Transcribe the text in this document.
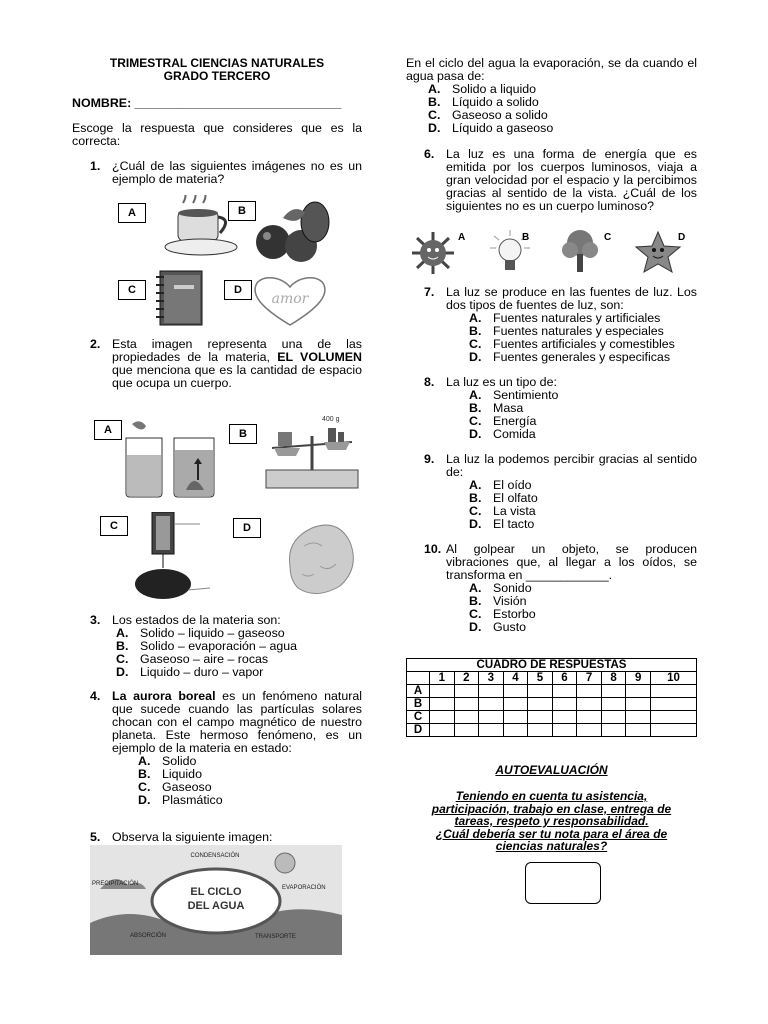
TRIMESTRAL CIENCIAS NATURALES
GRADO TERCERO
NOMBRE: ______________________________
Escoge la respuesta que consideres que es la correcta:
1. ¿Cuál de las siguientes imágenes no es un ejemplo de materia?
A	B
C	D
amor
2. Esta imagen representa una de las propiedades de la materia, EL VOLUMEN que menciona que es la cantidad de espacio que ocupa un cuerpo.
A	B
400 g
C	D
3. Los estados de la materia son:
A. Solido – liquido – gaseoso
B. Solido – evaporación – agua
C. Gaseoso – aire – rocas
D. Liquido – duro – vapor
4. La aurora boreal es un fenómeno natural que sucede cuando las partículas solares chocan con el campo magnético de nuestro planeta. Este hermoso fenómeno, es un ejemplo de la materia en estado:
A. Solido
B. Liquido
C. Gaseoso
D. Plasmático
5. Observa la siguiente imagen:
EL CICLO
DEL AGUA
CONDENSACIÓN
PRECIPITACIÓN
EVAPORACIÓN
ABSORCIÓN	TRANSPORTE
En el ciclo del agua la evaporación, se da cuando el agua pasa de:
A. Solido a liquido
B. Líquido a solido
C. Gaseoso a solido
D. Líquido a gaseoso
6. La luz es una forma de energía que es emitida por los cuerpos luminosos, viaja a gran velocidad por el espacio y la percibimos gracias al sentido de la vista. ¿Cuál de los siguientes no es un cuerpo luminoso?
A	B	C	D
7. La luz se produce en las fuentes de luz. Los dos tipos de fuentes de luz, son:
A. Fuentes naturales y artificiales
B. Fuentes naturales y especiales
C. Fuentes artificiales y comestibles
D. Fuentes generales y especificas
8. La luz es un tipo de:
A. Sentimiento
B. Masa
C. Energía
D. Comida
9. La luz la podemos percibir gracias al sentido de:
A. El oído
B. El olfato
C. La vista
D. El tacto
10. Al golpear un objeto, se producen vibraciones que, al llegar a los oídos, se transforma en ____________.
A. Sonido
B. Visión
C. Estorbo
D. Gusto
CUADRO DE RESPUESTAS										
	1	2	3	4	5	6	7	8	9	10
A										
B										
C										
D										
AUTOEVALUACIÓN
Teniendo en cuenta tu asistencia,
participación, trabajo en clase, entrega de
tareas, respeto y responsabilidad.
¿Cuál debería ser tu nota para el área de
ciencias naturales?
